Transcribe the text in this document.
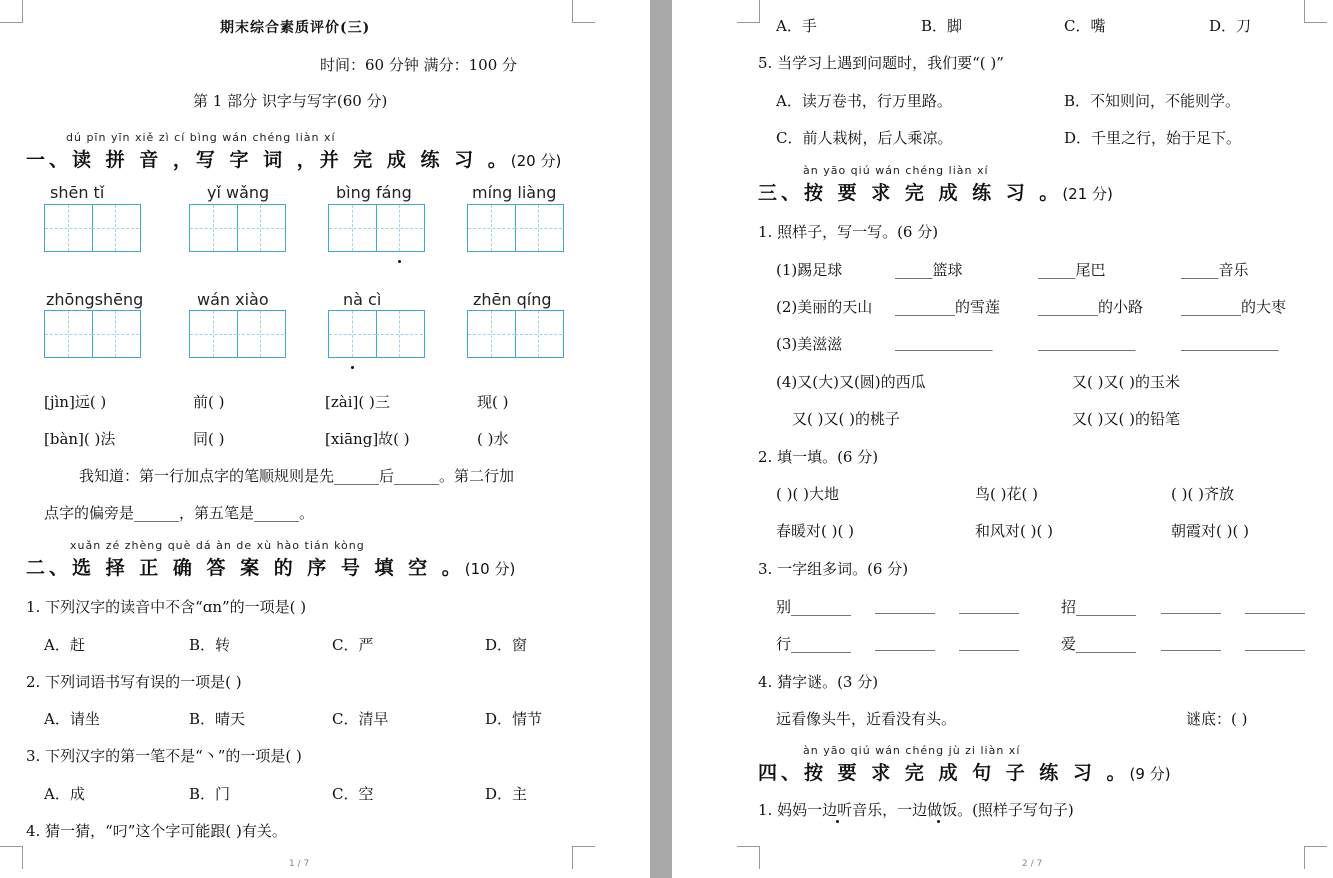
期末综合素质评价(三)
时间：60 分钟 满分：100 分
第 1 部分 识字与写字(60 分)
dú pīn yīn xiě zì cí bìng wán chéng liàn xí
一、读 拼 音 ，写 字 词 ，并 完 成 练 习 。(20 分)
shēn tǐ	yǐ wǎng	bìng fáng	míng liàng
zhōngshēng	wán xiào	nà cì	zhēn qíng
[jìn]远( )	前( )	[zài]( )三	现( )
[bàn]( )法	同( )	[xiāng]故( )	( )水
我知道：第一行加点字的笔顺规则是先______后______。第二行加
点字的偏旁是______，第五笔是______。
xuǎn zé zhèng què dá àn de xù hào tián kòng
二、选 择 正 确 答 案 的 序 号 填 空 。(10 分)
1. 下列汉字的读音中不含“ɑn”的一项是( )
A．赶	B．转	C．严	D．窗
2. 下列词语书写有误的一项是( )
A．请坐	B．晴天	C．清早	D．情节
3. 下列汉字的第一笔不是“丶”的一项是( )
A．成	B．门	C．空	D．主
4. 猜一猜，“叼”这个字可能跟( )有关。
1 / 7
A．手	B．脚	C．嘴	D．刀
5. 当学习上遇到问题时，我们要“( )”
A．读万卷书，行万里路。	B．不知则问，不能则学。
C．前人栽树，后人乘凉。	D．千里之行，始于足下。
àn yāo qiú wán chéng liàn xí
三、按 要 求 完 成 练 习 。(21 分)
1. 照样子，写一写。(6 分)
(1)踢足球	_____篮球	_____尾巴	_____音乐
(2)美丽的天山 ________的雪莲	________的小路	________的大枣
(3)美滋滋	_____________	_____________	_____________
(4)又(大)又(圆)的西瓜	又( )又( )的玉米
又( )又( )的桃子	又( )又( )的铅笔
2. 填一填。(6 分)
( )( )大地	鸟( )花( )	( )( )齐放
春暖对( )( )	和风对( )( )	朝霞对( )( )
3. 一字组多词。(6 分)
别________ ________ ________	招________ ________ ________
行________ ________ ________	爱________ ________ ________
4. 猜字谜。(3 分)
远看像头牛，近看没有头。	谜底：( )
àn yāo qiú wán chéng jù zi liàn xí
四、按 要 求 完 成 句 子 练 习 。(9 分)
1. 妈妈一边听音乐，一边做饭。(照样子写句子)
2 / 7
